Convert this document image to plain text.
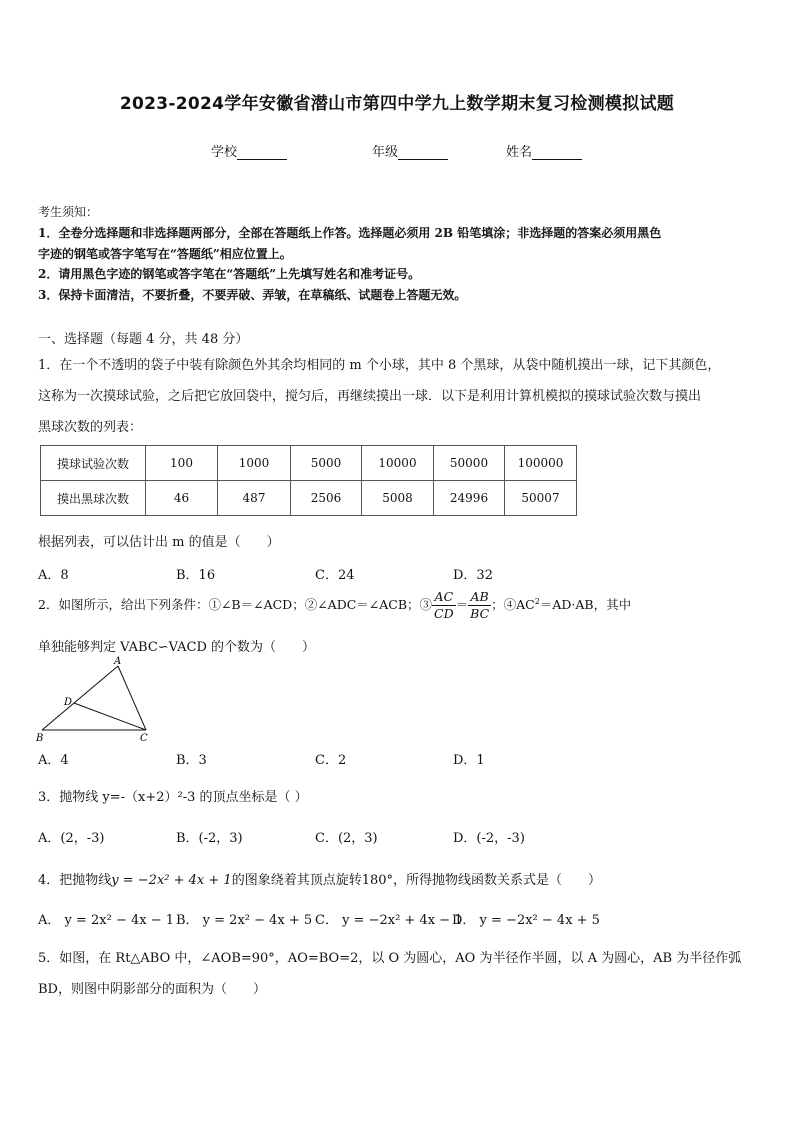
2023-2024学年安徽省潜山市第四中学九上数学期末复习检测模拟试题
学校	年级	姓名
考生须知：
1．全卷分选择题和非选择题两部分，全部在答题纸上作答。选择题必须用 2B 铅笔填涂；非选择题的答案必须用黑色
字迹的钢笔或答字笔写在“答题纸”相应位置上。
2．请用黑色字迹的钢笔或答字笔在“答题纸”上先填写姓名和准考证号。
3．保持卡面清洁，不要折叠，不要弄破、弄皱，在草稿纸、试题卷上答题无效。
一、选择题（每题 4 分，共 48 分）
1．在一个不透明的袋子中装有除颜色外其余均相同的 m 个小球，其中 8 个黑球，从袋中随机摸出一球，记下其颜色，
这称为一次摸球试验，之后把它放回袋中，搅匀后，再继续摸出一球．以下是利用计算机模拟的摸球试验次数与摸出
黑球次数的列表：
摸球试验次数	100	1000	5000	10000	50000	100000
摸出黑球次数	46	487	2506	5008	24996	50007
根据列表，可以估计出 m 的值是（　　）
A．8	B．16	C．24	D．32
2．如图所示，给出下列条件：①∠B＝∠ACD；②∠ADC＝∠ACB；③ $\frac{AC}{CD} = \frac{AB}{BC}$ ；$④AC^2=AD\cdot AB$，其中
单独能够判定 VABC∽VACD 的个数为（　　）
A
D
B	C
A．4	B．3	C．2	D．1
3．抛物线 y=-（x+2）²-3 的顶点坐标是（ ）
A．(2，-3)	B．(-2，3)	C．(2，3)	D．(-2，-3)
4．把抛物线y = −2x² + 4x + 1的图象绕着其顶点旋转180°，所得抛物线函数关系式是（　　）
A． y = 2x² − 4x − 1 B． y = 2x² − 4x + 5 C． y = −2x² + 4x − 1
D． y = −2x² − 4x + 5
5．如图，在 Rt△ABO 中，∠AOB=90°，AO=BO=2，以 O 为圆心，AO 为半径作半圆，以 A 为圆心，AB 为半径作弧
BD，则图中阴影部分的面积为（　　）
